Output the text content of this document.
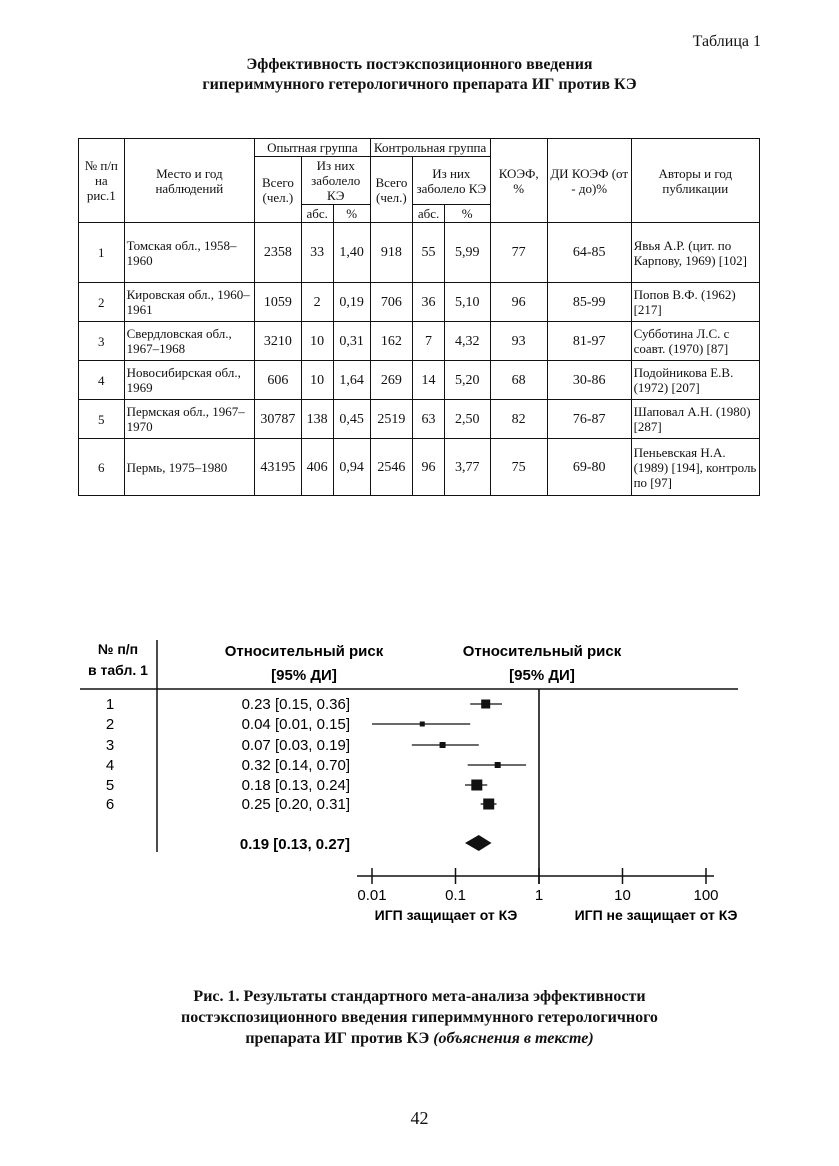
Таблица 1
Эффективность постэкспозиционного введения
гипериммунного гетерологичного препарата ИГ против КЭ
№ п/п на рис.1	Место и год наблюдений	Опытная группа			Контрольная группа			КОЭФ, %	ДИ КОЭФ (от - до)%	Авторы и год публикации
		Всего (чел.)	Из них заболело КЭ		Всего (чел.)	Из них заболело КЭ				
			абс.	%		абс.	%			
1	Томская обл., 1958–1960	2358	33	1,40	918	55	5,99	77	64-85	Явья А.Р. (цит. по Карпову, 1969) [102]
2	Кировская обл., 1960–1961	1059	2	0,19	706	36	5,10	96	85-99	Попов В.Ф. (1962) [217]
3	Свердловская обл., 1967–1968	3210	10	0,31	162	7	4,32	93	81-97	Субботина Л.С. с соавт. (1970) [87]
4	Новосибирская обл., 1969	606	10	1,64	269	14	5,20	68	30-86	Подойникова Е.В. (1972) [207]
5	Пермская обл., 1967–1970	30787	138	0,45	2519	63	2,50	82	76-87	Шаповал А.Н. (1980) [287]
6	Пермь, 1975–1980	43195	406	0,94	2546	96	3,77	75	69-80	Пеньевская Н.А. (1989) [194], контроль по [97]
№ п/п
в табл. 1
Относительный риск
[95% ДИ]
Относительный риск
[95% ДИ]
0.01	0.1	1	10	100
ИГП защищает от КЭ	ИГП не защищает от КЭ
1	0.23 [0.15, 0.36]
2	0.04 [0.01, 0.15]
3	0.07 [0.03, 0.19]
4	0.32 [0.14, 0.70]
5	0.18 [0.13, 0.24]
6	0.25 [0.20, 0.31]
0.19 [0.13, 0.27]
Рис. 1. Результаты стандартного мета-анализа эффективности
постэкспозиционного введения гипериммунного гетерологичного
препарата ИГ против КЭ (объяснения в тексте)
42
